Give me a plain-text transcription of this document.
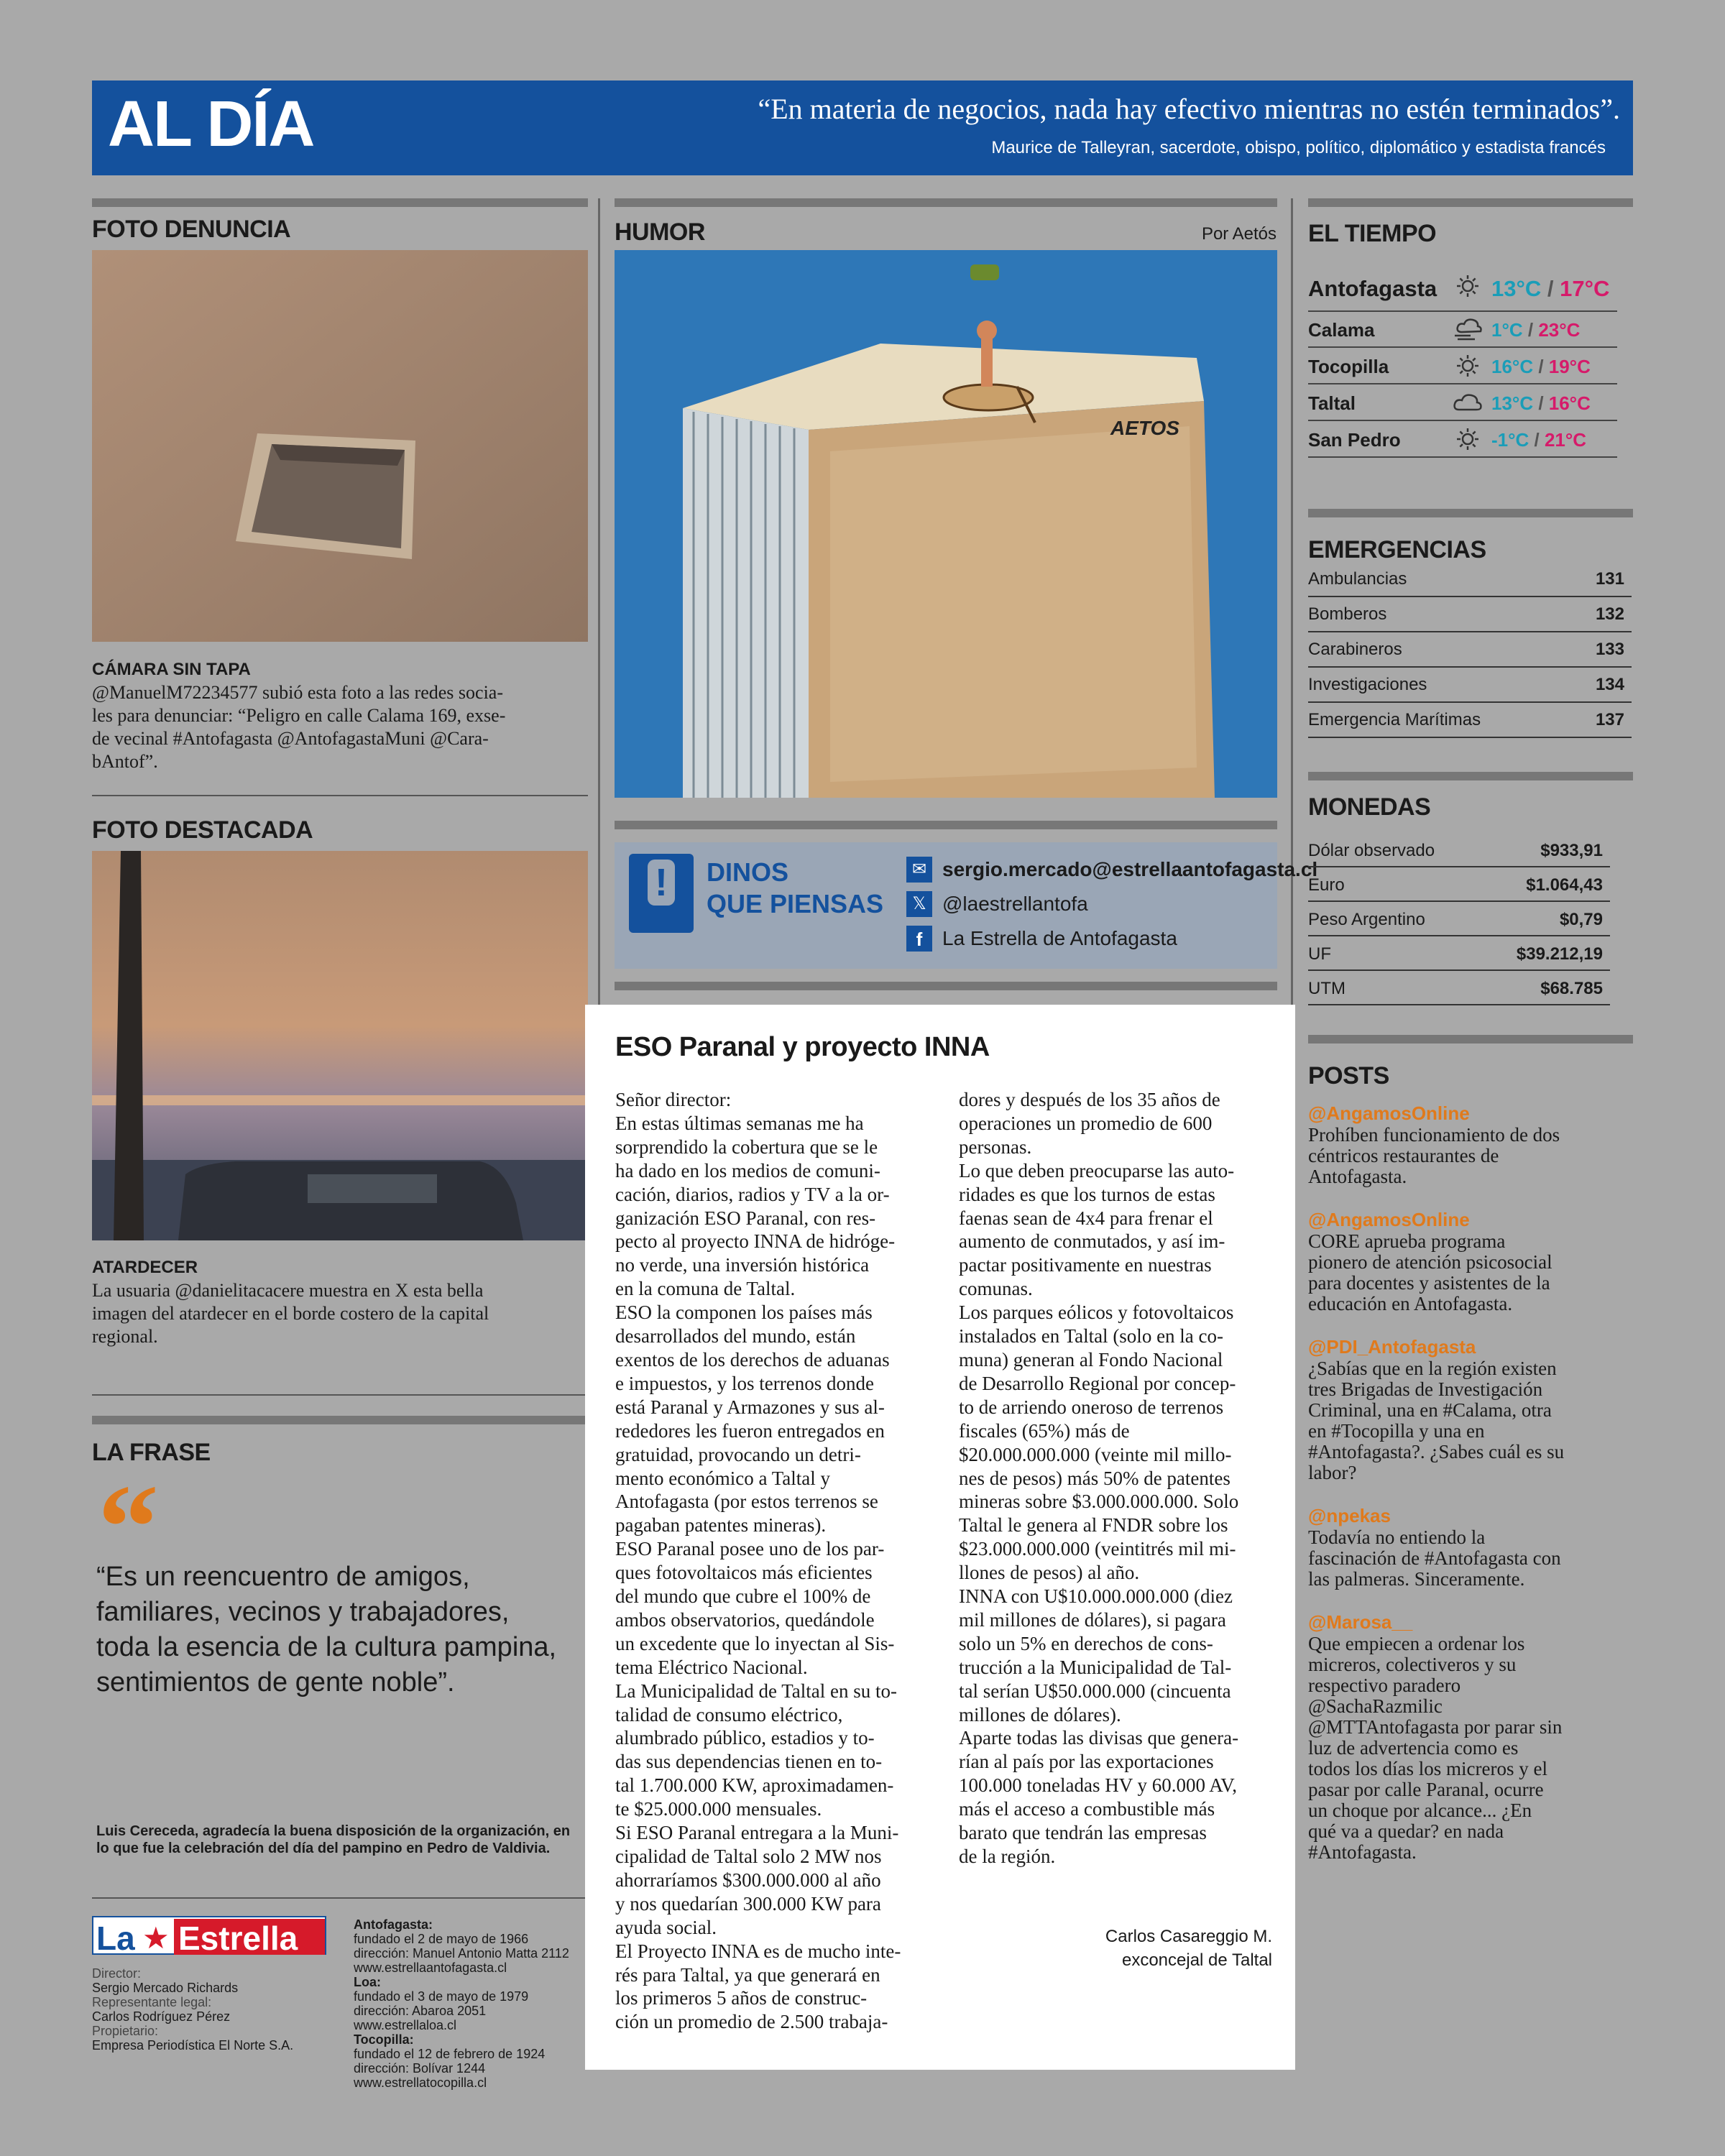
AL DÍA	“En materia de negocios, nada hay efectivo mientras no estén terminados”.
Maurice de Talleyran, sacerdote, obispo, político, diplomático y estadista francés
FOTO DENUNCIA
CÁMARA SIN TAPA
@ManuelM72234577 subió esta foto a las redes socia-
les para denunciar: “Peligro en calle Calama 169, exse-
de vecinal #Antofagasta @AntofagastaMuni @Cara-
bAntof”.
FOTO DESTACADA
ATARDECER
La usuaria @danielitacacere muestra en X esta bella
imagen del atardecer en el borde costero de la capital
regional.
LA FRASE
“
“Es un reencuentro de amigos,
familiares, vecinos y trabajadores,
toda la esencia de la cultura pampina,
sentimientos de gente noble”.
Luis Cereceda, agradecía la buena disposición de la organización, en
lo que fue la celebración del día del pampino en Pedro de Valdivia.
La ★ Estrella
Director:
Sergio Mercado Richards
Representante legal:
Carlos Rodríguez Pérez
Propietario:
Empresa Periodística El Norte S.A.
Antofagasta:
fundado el 2 de mayo de 1966
dirección: Manuel Antonio Matta 2112
www.estrellaantofagasta.cl
Loa:
fundado el 3 de mayo de 1979
dirección: Abaroa 2051
www.estrellaloa.cl
Tocopilla:
fundado el 12 de febrero de 1924
dirección: Bolívar 1244
www.estrellatocopilla.cl
HUMOR	Por Aetós
AETOS
! DINOS
QUE PIENSAS
✉ sergio.mercado@estrellaantofagasta.cl
𝕏 @laestrellantofa
f La Estrella de Antofagasta
ESO Paranal y proyecto INNA
Señor director:
En estas últimas semanas me ha
sorprendido la cobertura que se le
ha dado en los medios de comuni-
cación, diarios, radios y TV a la or-
ganización ESO Paranal, con res-
pecto al proyecto INNA de hidróge-
no verde, una inversión histórica
en la comuna de Taltal.
ESO la componen los países más
desarrollados del mundo, están
exentos de los derechos de aduanas
e impuestos, y los terrenos donde
está Paranal y Armazones y sus al-
rededores les fueron entregados en
gratuidad, provocando un detri-
mento económico a Taltal y
Antofagasta (por estos terrenos se
pagaban patentes mineras).
ESO Paranal posee uno de los par-
ques fotovoltaicos más eficientes
del mundo que cubre el 100% de
ambos observatorios, quedándole
un excedente que lo inyectan al Sis-
tema Eléctrico Nacional.
La Municipalidad de Taltal en su to-
talidad de consumo eléctrico,
alumbrado público, estadios y to-
das sus dependencias tienen en to-
tal 1.700.000 KW, aproximadamen-
te $25.000.000 mensuales.
Si ESO Paranal entregara a la Muni-
cipalidad de Taltal solo 2 MW nos
ahorraríamos $300.000.000 al año
y nos quedarían 300.000 KW para
ayuda social.
El Proyecto INNA es de mucho inte-
rés para Taltal, ya que generará en
los primeros 5 años de construc-
ción un promedio de 2.500 trabaja-
dores y después de los 35 años de
operaciones un promedio de 600
personas.
Lo que deben preocuparse las auto-
ridades es que los turnos de estas
faenas sean de 4x4 para frenar el
aumento de conmutados, y así im-
pactar positivamente en nuestras
comunas.
Los parques eólicos y fotovoltaicos
instalados en Taltal (solo en la co-
muna) generan al Fondo Nacional
de Desarrollo Regional por concep-
to de arriendo oneroso de terrenos
fiscales (65%) más de
$20.000.000.000 (veinte mil millo-
nes de pesos) más 50% de patentes
mineras sobre $3.000.000.000. Solo
Taltal le genera al FNDR sobre los
$23.000.000.000 (veintitrés mil mi-
llones de pesos) al año.
INNA con U$10.000.000.000 (diez
mil millones de dólares), si pagara
solo un 5% en derechos de cons-
trucción a la Municipalidad de Tal-
tal serían U$50.000.000 (cincuenta
millones de dólares).
Aparte todas las divisas que genera-
rían al país por las exportaciones
100.000 toneladas HV y 60.000 AV,
más el acceso a combustible más
barato que tendrán las empresas
de la región.
Carlos Casareggio M.
exconcejal de Taltal
EL TIEMPO
Antofagasta 13°C / 17°C
Calama	1°C / 23°C
Tocopilla	16°C / 19°C
Taltal	13°C / 16°C
San Pedro	-1°C / 21°C
EMERGENCIAS
Ambulancias	131
Bomberos	132
Carabineros	133
Investigaciones	134
Emergencia Marítimas	137
MONEDAS
Dólar observado	$933,91
Euro	$1.064,43
Peso Argentino	$0,79
UF	$39.212,19
UTM	$68.785
POSTS
@AngamosOnline
Prohíben funcionamiento de dos
céntricos restaurantes de
Antofagasta.
@AngamosOnline
CORE aprueba programa
pionero de atención psicosocial
para docentes y asistentes de la
educación en Antofagasta.
@PDI_Antofagasta
¿Sabías que en la región existen
tres Brigadas de Investigación
Criminal, una en #Calama, otra
en #Tocopilla y una en
#Antofagasta?. ¿Sabes cuál es su
labor?
@npekas
Todavía no entiendo la
fascinación de #Antofagasta con
las palmeras. Sinceramente.
@Marosa__
Que empiecen a ordenar los
micreros, colectiveros y su
respectivo paradero
@SachaRazmilic
@MTTAntofagasta por parar sin
luz de advertencia como es
todos los días los micreros y el
pasar por calle Paranal, ocurre
un choque por alcance... ¿En
qué va a quedar? en nada
#Antofagasta.
